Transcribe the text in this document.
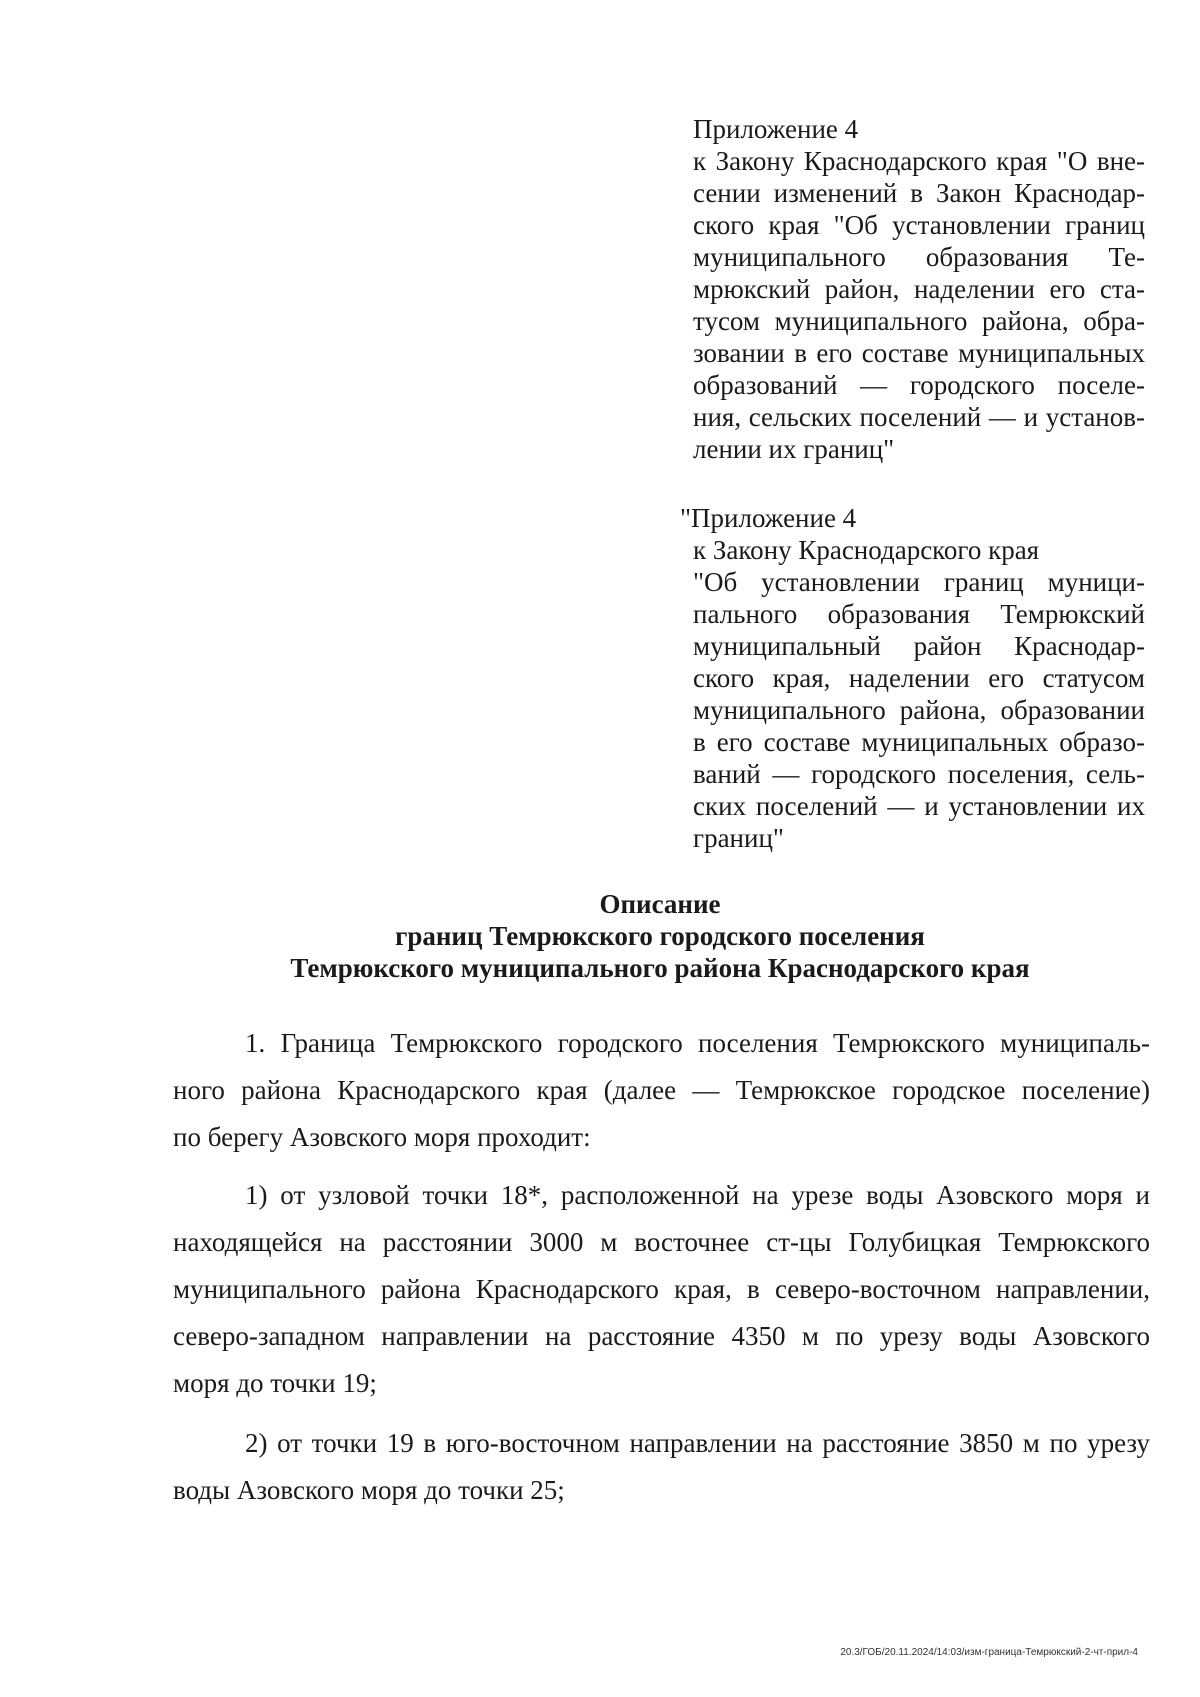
Приложение 4
к Закону Краснодарского края "О вне-
сении изменений в Закон Краснодар-
ского края "Об установлении границ
муниципального образования Те-
мрюкский район, наделении его ста-
тусом муниципального района, обра-
зовании в его составе муниципальных
образований — городского поселе-
ния, сельских поселений — и установ-
лении их границ"
"Приложение 4
к Закону Краснодарского края
"Об установлении границ муници-
пального образования Темрюкский
муниципальный район Краснодар-
ского края, наделении его статусом
муниципального района, образовании
в его составе муниципальных образо-
ваний — городского поселения, сель-
ских поселений — и установлении их
границ"
Описание
границ Темрюкского городского поселения
Темрюкского муниципального района Краснодарского края
1. Граница Темрюкского городского поселения Темрюкского муниципаль-
ного района Краснодарского края (далее — Темрюкское городское поселение)
по берегу Азовского моря проходит:
1) от узловой точки 18*, расположенной на урезе воды Азовского моря и
находящейся на расстоянии 3000 м восточнее ст-цы Голубицкая Темрюкского
муниципального района Краснодарского края, в северо-восточном направлении,
северо-западном направлении на расстояние 4350 м по урезу воды Азовского
моря до точки 19;
2) от точки 19 в юго-восточном направлении на расстояние 3850 м по урезу
воды Азовского моря до точки 25;
20.3/ГОБ/20.11.2024/14:03/изм-граница-Темрюкский-2-чт-прил-4
